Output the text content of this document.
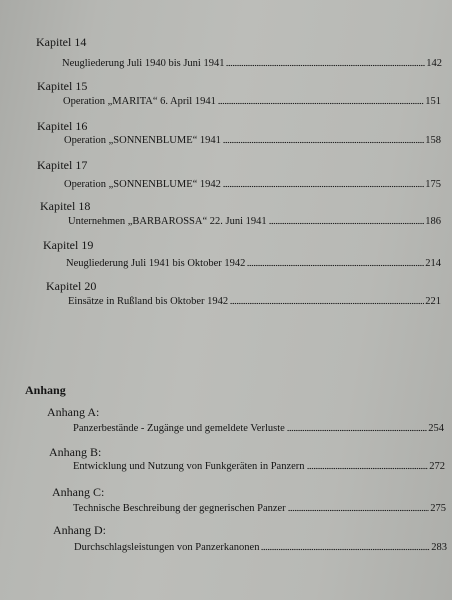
Kapitel 14
Neugliederung Juli 1940 bis Juni 1941	142
Kapitel 15
Operation „MARITA“ 6. April 1941	151
Kapitel 16
Operation „SONNENBLUME“ 1941	158
Kapitel 17
Operation „SONNENBLUME“ 1942	175
Kapitel 18
Unternehmen „BARBAROSSA“ 22. Juni 1941	186
Kapitel 19
Neugliederung Juli 1941 bis Oktober 1942	214
Kapitel 20
Einsätze in Rußland bis Oktober 1942	221
Anhang
Anhang A:
Panzerbestände - Zugänge und gemeldete Verluste	254
Anhang B:
Entwicklung und Nutzung von Funkgeräten in Panzern	272
Anhang C:
Technische Beschreibung der gegnerischen Panzer	275
Anhang D:
Durchschlagsleistungen von Panzerkanonen	283
